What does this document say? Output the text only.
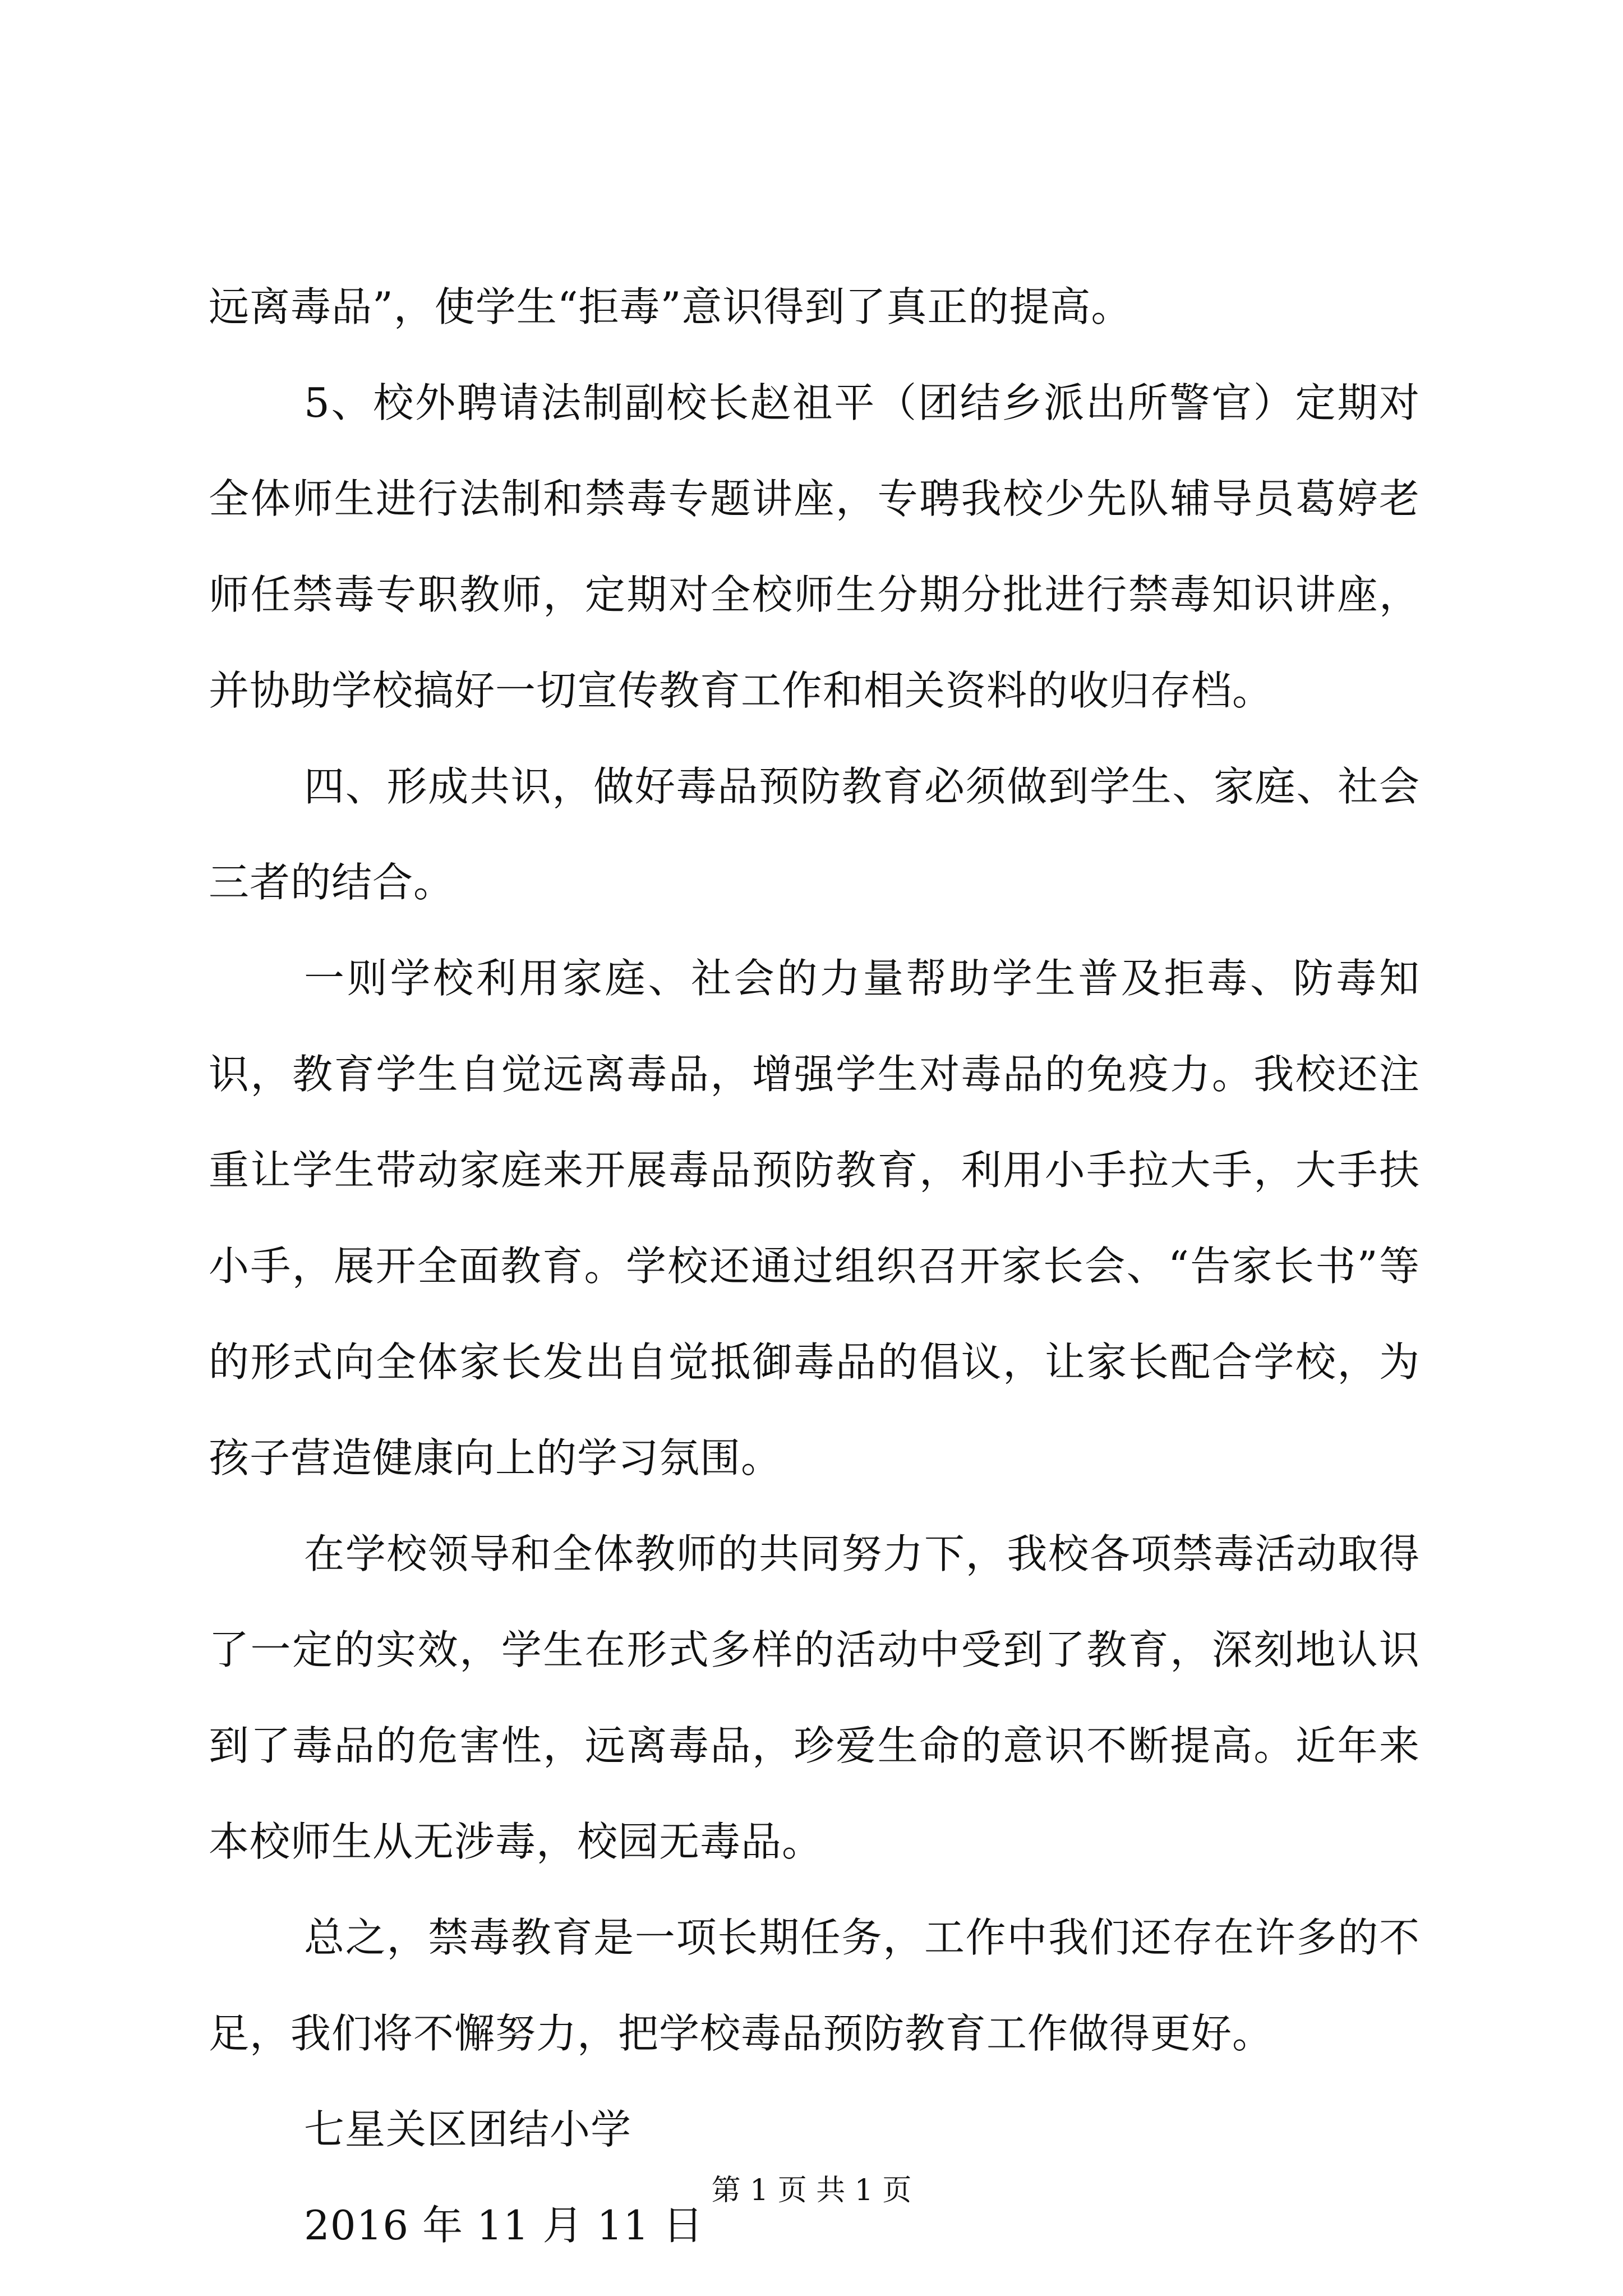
远离毒品”，使学生“拒毒”意识得到了真正的提高。

5、校外聘请法制副校长赵祖平（团结乡派出所警官）定期对全体师生进行法制和禁毒专题讲座，专聘我校少先队辅导员葛婷老师任禁毒专职教师，定期对全校师生分期分批进行禁毒知识讲座，并协助学校搞好一切宣传教育工作和相关资料的收归存档。

四、形成共识，做好毒品预防教育必须做到学生、家庭、社会三者的结合。

一则学校利用家庭、社会的力量帮助学生普及拒毒、防毒知识，教育学生自觉远离毒品，增强学生对毒品的免疫力。我校还注重让学生带动家庭来开展毒品预防教育，利用小手拉大手，大手扶小手，展开全面教育。学校还通过组织召开家长会、“告家长书”等的形式向全体家长发出自觉抵御毒品的倡议，让家长配合学校，为孩子营造健康向上的学习氛围。

在学校领导和全体教师的共同努力下，我校各项禁毒活动取得了一定的实效，学生在形式多样的活动中受到了教育，深刻地认识到了毒品的危害性，远离毒品，珍爱生命的意识不断提高。近年来本校师生从无涉毒，校园无毒品。

总之，禁毒教育是一项长期任务，工作中我们还存在许多的不足，我们将不懈努力，把学校毒品预防教育工作做得更好。

七星关区团结小学

2016 年 11 月 11 日

第 1 页 共 1 页
